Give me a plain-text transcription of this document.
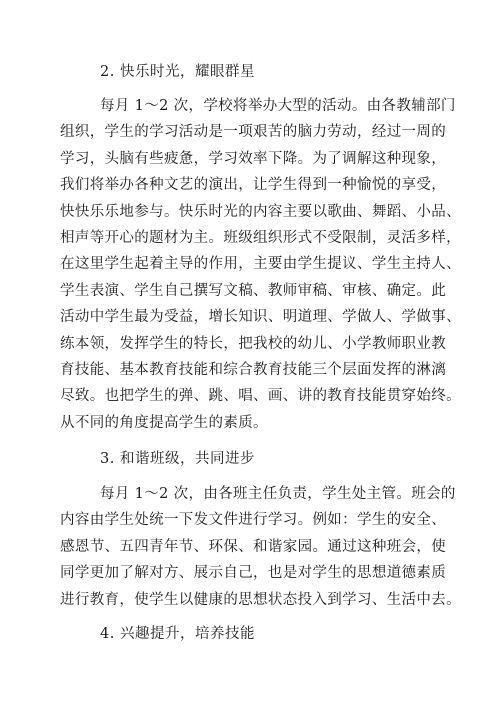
2. 快乐时光，耀眼群星
每月 1～2 次，学校将举办大型的活动。由各教辅部门
组织，学生的学习活动是一项艰苦的脑力劳动，经过一周的
学习，头脑有些疲惫，学习效率下降。为了调解这种现象，
我们将举办各种文艺的演出，让学生得到一种愉悦的享受，
快快乐乐地参与。快乐时光的内容主要以歌曲、舞蹈、小品、
相声等开心的题材为主。班级组织形式不受限制，灵活多样，
在这里学生起着主导的作用，主要由学生提议、学生主持人、
学生表演、学生自己撰写文稿、教师审稿、审核、确定。此
活动中学生最为受益，增长知识、明道理、学做人、学做事、
练本领，发挥学生的特长，把我校的幼儿、小学教师职业教
育技能、基本教育技能和综合教育技能三个层面发挥的淋漓
尽致。也把学生的弹、跳、唱、画、讲的教育技能贯穿始终。
从不同的角度提高学生的素质。
3. 和谐班级，共同进步
每月 1～2 次，由各班主任负责，学生处主管。班会的
内容由学生处统一下发文件进行学习。例如：学生的安全、
感恩节、五四青年节、环保、和谐家园。通过这种班会，使
同学更加了解对方、展示自己，也是对学生的思想道德素质
进行教育，使学生以健康的思想状态投入到学习、生活中去。
4. 兴趣提升，培养技能
